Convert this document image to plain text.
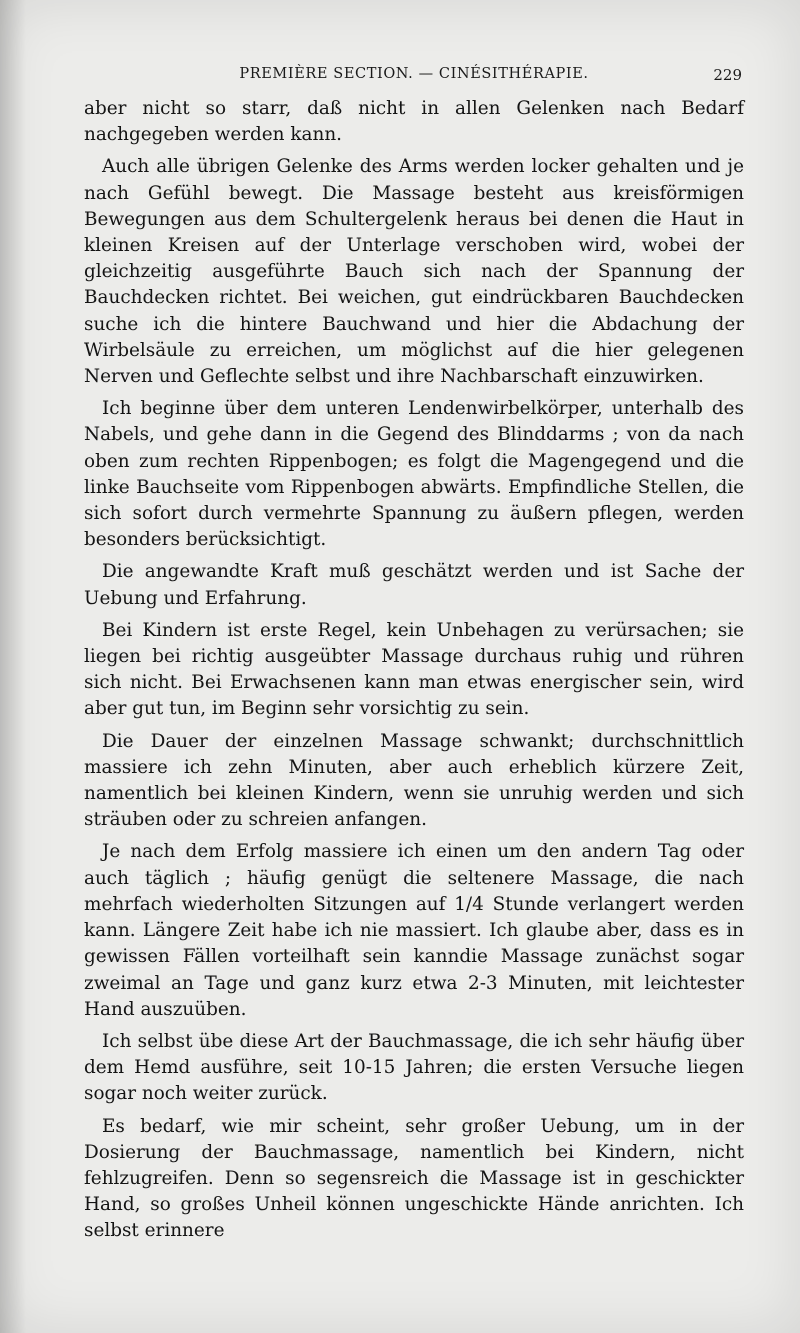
PREMIÈRE SECTION. — CINÉSITHÉRAPIE.	229

aber nicht so starr, daß nicht in allen Gelenken nach Bedarf nachgegeben werden kann.

Auch alle übrigen Gelenke des Arms werden locker gehalten und je nach Gefühl bewegt. Die Massage besteht aus kreisförmigen Bewegungen aus dem Schultergelenk heraus bei denen die Haut in kleinen Kreisen auf der Unterlage verschoben wird, wobei der gleichzeitig ausgeführte Bauch sich nach der Spannung der Bauchdecken richtet. Bei weichen, gut eindrückbaren Bauchdecken suche ich die hintere Bauchwand und hier die Abdachung der Wirbelsäule zu erreichen, um möglichst auf die hier gelegenen Nerven und Geflechte selbst und ihre Nachbarschaft einzuwirken.

Ich beginne über dem unteren Lendenwirbelkörper, unterhalb des Nabels, und gehe dann in die Gegend des Blinddarms ; von da nach oben zum rechten Rippenbogen; es folgt die Magengegend und die linke Bauchseite vom Rippenbogen abwärts. Empfindliche Stellen, die sich sofort durch vermehrte Spannung zu äußern pflegen, werden besonders berücksichtigt.

Die angewandte Kraft muß geschätzt werden und ist Sache der Uebung und Erfahrung.

Bei Kindern ist erste Regel, kein Unbehagen zu verürsachen; sie liegen bei richtig ausgeübter Massage durchaus ruhig und rühren sich nicht. Bei Erwachsenen kann man etwas energischer sein, wird aber gut tun, im Beginn sehr vorsichtig zu sein.

Die Dauer der einzelnen Massage schwankt; durchschnittlich massiere ich zehn Minuten, aber auch erheblich kürzere Zeit, namentlich bei kleinen Kindern, wenn sie unruhig werden und sich sträuben oder zu schreien anfangen.

Je nach dem Erfolg massiere ich einen um den andern Tag oder auch täglich ; häufig genügt die seltenere Massage, die nach mehrfach wiederholten Sitzungen auf 1/4 Stunde verlangert werden kann. Längere Zeit habe ich nie massiert. Ich glaube aber, dass es in gewissen Fällen vorteilhaft sein kanndie Massage zunächst sogar zweimal an Tage und ganz kurz etwa 2-3 Minuten, mit leichtester Hand auszuüben.

Ich selbst übe diese Art der Bauchmassage, die ich sehr häufig über dem Hemd ausführe, seit 10-15 Jahren; die ersten Versuche liegen sogar noch weiter zurück.

Es bedarf, wie mir scheint, sehr großer Uebung, um in der Dosierung der Bauchmassage, namentlich bei Kindern, nicht fehlzugreifen. Denn so segensreich die Massage ist in geschickter Hand, so großes Unheil können ungeschickte Hände anrichten. Ich selbst erinnere
